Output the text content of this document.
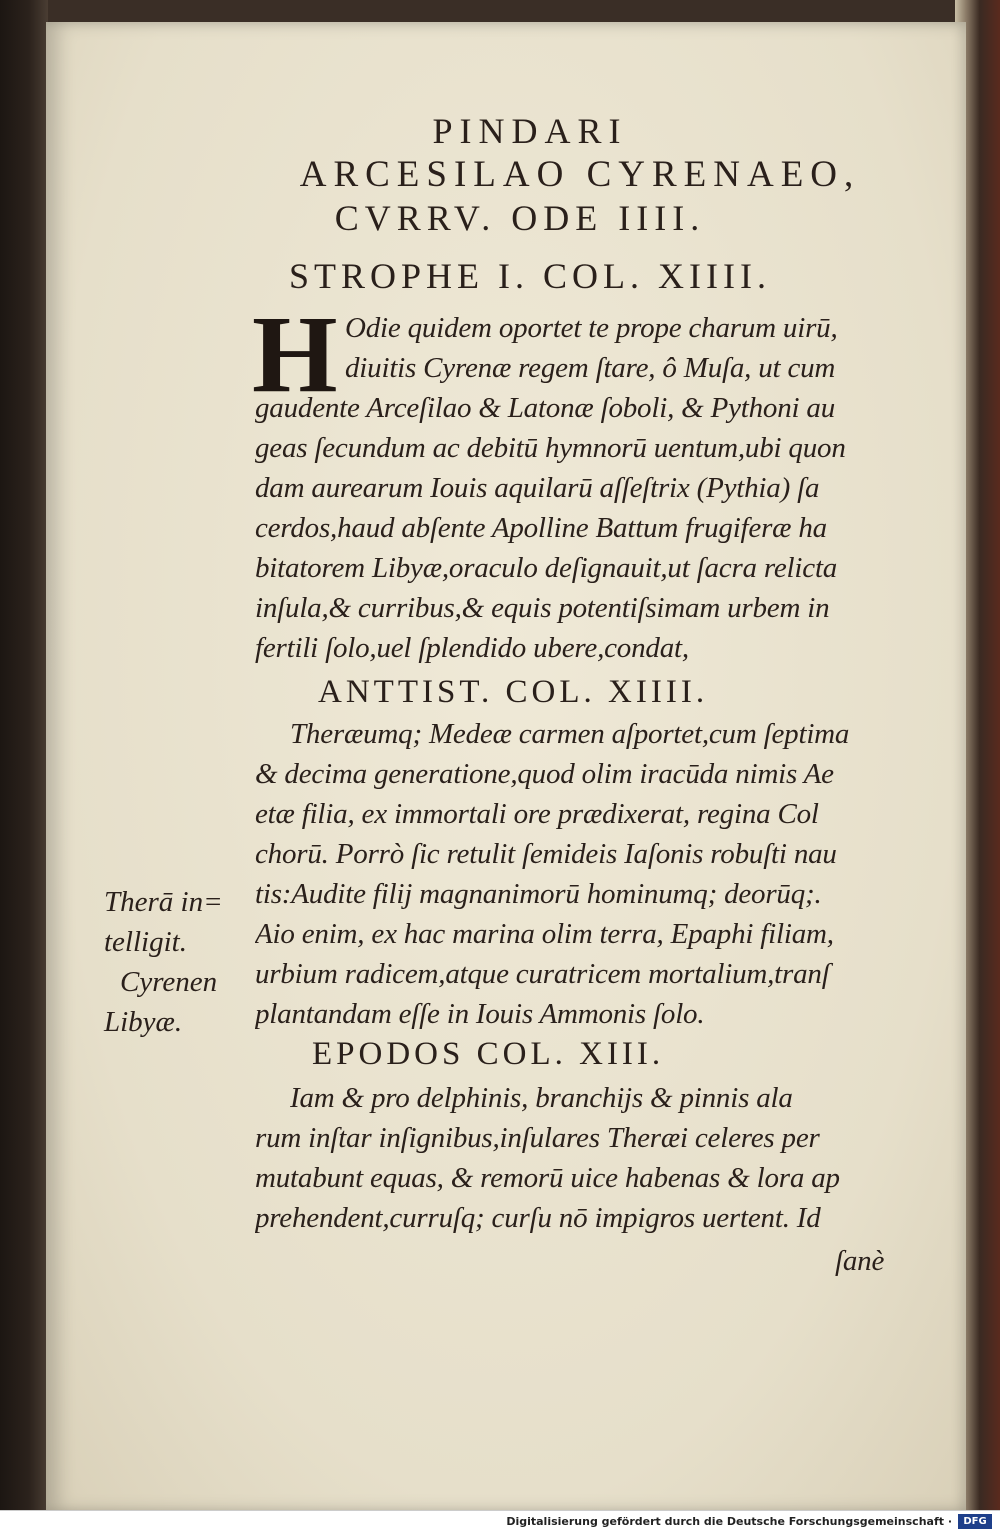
PINDARI
ARCESILAO CYRENAEO,
CVRRV. ODE IIII.
STROPHE I. COL. XIIII.
H Odie quidem oportet te prope charum uirū,
diuitis Cyrenæ regem ſtare, ô Muſa, ut cum
gaudente Arceſilao & Latonæ ſoboli, & Pythoni au
geas ſecundum ac debitū hymnorū uentum,ubi quon
dam aurearum Iouis aquilarū aſſeſtrix (Pythia) ſa
cerdos,haud abſente Apolline Battum frugiferæ ha
bitatorem Libyæ,oraculo deſignauit,ut ſacra relicta
inſula,& curribus,& equis potentiſsimam urbem in
fertili ſolo,uel ſplendido ubere,condat,
ANTTIST. COL. XIIII.
Theræumq; Medeæ carmen aſportet,cum ſeptima
& decima generatione,quod olim iracūda nimis Ae
etæ filia, ex immortali ore prædixerat, regina Col
chorū. Porrò ſic retulit ſemideis Iaſonis robuſti nau
tis:Audite filij magnanimorū hominumq; deorūq;.
Aio enim, ex hac marina olim terra, Epaphi filiam,
urbium radicem,atque curatricem mortalium,tranſ
plantandam eſſe in Iouis Ammonis ſolo.
Therā in=
telligit.
Cyrenen
Libyæ.
EPODOS COL. XIII.
Iam & pro delphinis, branchijs & pinnis ala
rum inſtar inſignibus,inſulares Theræi celeres per
mutabunt equas, & remorū uice habenas & lora ap
prehendent,curruſq; curſu nō impigros uertent. Id
ſanè
Digitalisierung gefördert durch die Deutsche Forschungsgemeinschaft ·	DFG
